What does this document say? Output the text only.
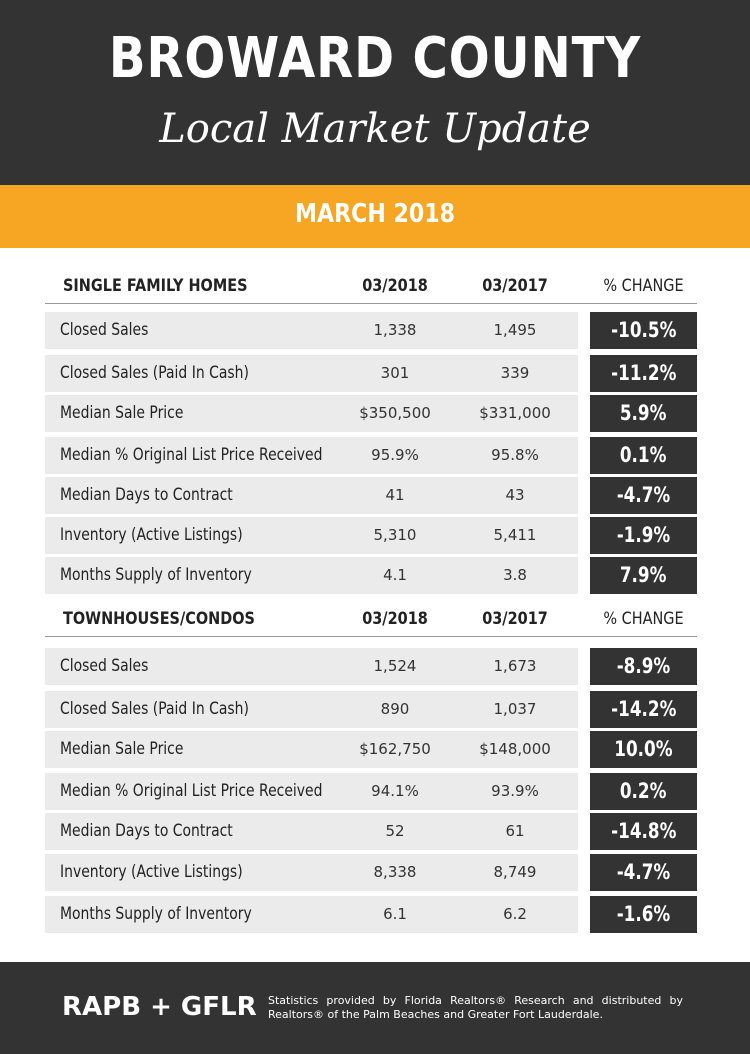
BROWARD COUNTY
Local Market Update
MARCH 2018
SINGLE FAMILY HOMES	03/2018	03/2017	% CHANGE
Closed Sales	1,338	1,495	-10.5%
Closed Sales (Paid In Cash)	301	339	-11.2%
Median Sale Price	$350,500	$331,000	5.9%
Median % Original List Price Received	95.9%	95.8%	0.1%
Median Days to Contract	41	43	-4.7%
Inventory (Active Listings)	5,310	5,411	-1.9%
Months Supply of Inventory	4.1	3.8	7.9%
TOWNHOUSES/CONDOS	03/2018	03/2017	% CHANGE
Closed Sales	1,524	1,673	-8.9%
Closed Sales (Paid In Cash)	890	1,037	-14.2%
Median Sale Price	$162,750	$148,000	10.0%
Median % Original List Price Received	94.1%	93.9%	0.2%
Median Days to Contract	52	61	-14.8%
Inventory (Active Listings)	8,338	8,749	-4.7%
Months Supply of Inventory	6.1	6.2	-1.6%
RAPB + GFLR Statistics provided by Florida Realtors® Research and distributed by Realtors® of the Palm Beaches and Greater Fort Lauderdale.
